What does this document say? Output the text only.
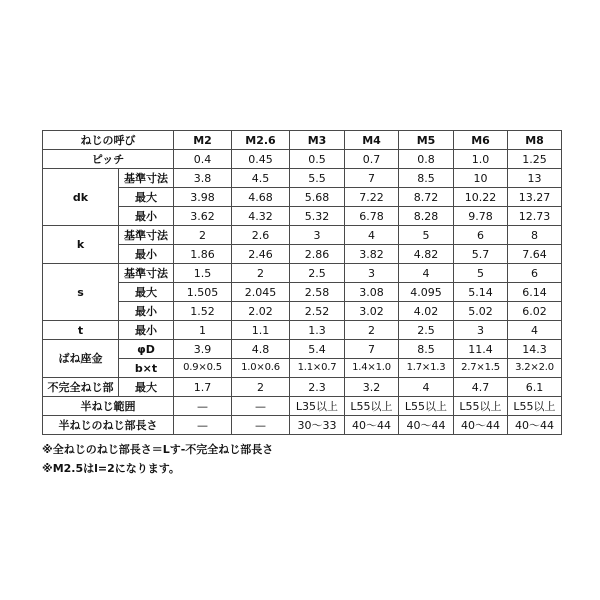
ねじの呼び		M2	M2.6	M3	M4	M5	M6	M8
ピッチ		0.4	0.45	0.5	0.7	0.8	1.0	1.25
dk	基準寸法	3.8	4.5	5.5	7	8.5	10	13
	最大	3.98	4.68	5.68	7.22	8.72	10.22	13.27
	最小	3.62	4.32	5.32	6.78	8.28	9.78	12.73
k	基準寸法	2	2.6	3	4	5	6	8
	最小	1.86	2.46	2.86	3.82	4.82	5.7	7.64
s	基準寸法	1.5	2	2.5	3	4	5	6
	最大	1.505	2.045	2.58	3.08	4.095	5.14	6.14
	最小	1.52	2.02	2.52	3.02	4.02	5.02	6.02
t	最小	1	1.1	1.3	2	2.5	3	4
ばね座金	φD	3.9	4.8	5.4	7	8.5	11.4	14.3
	b×t	0.9×0.5	1.0×0.6	1.1×0.7	1.4×1.0	1.7×1.3	2.7×1.5	3.2×2.0
不完全ねじ部	最大	1.7	2	2.3	3.2	4	4.7	6.1
半ねじ範囲		—	—	L35以上	L55以上	L55以上	L55以上	L55以上
半ねじのねじ部長さ		—	—	30～33	40～44	40～44	40～44	40～44
※全ねじのねじ部長さ＝Lす-不完全ねじ部長さ
※M2.5はl=2になります。
